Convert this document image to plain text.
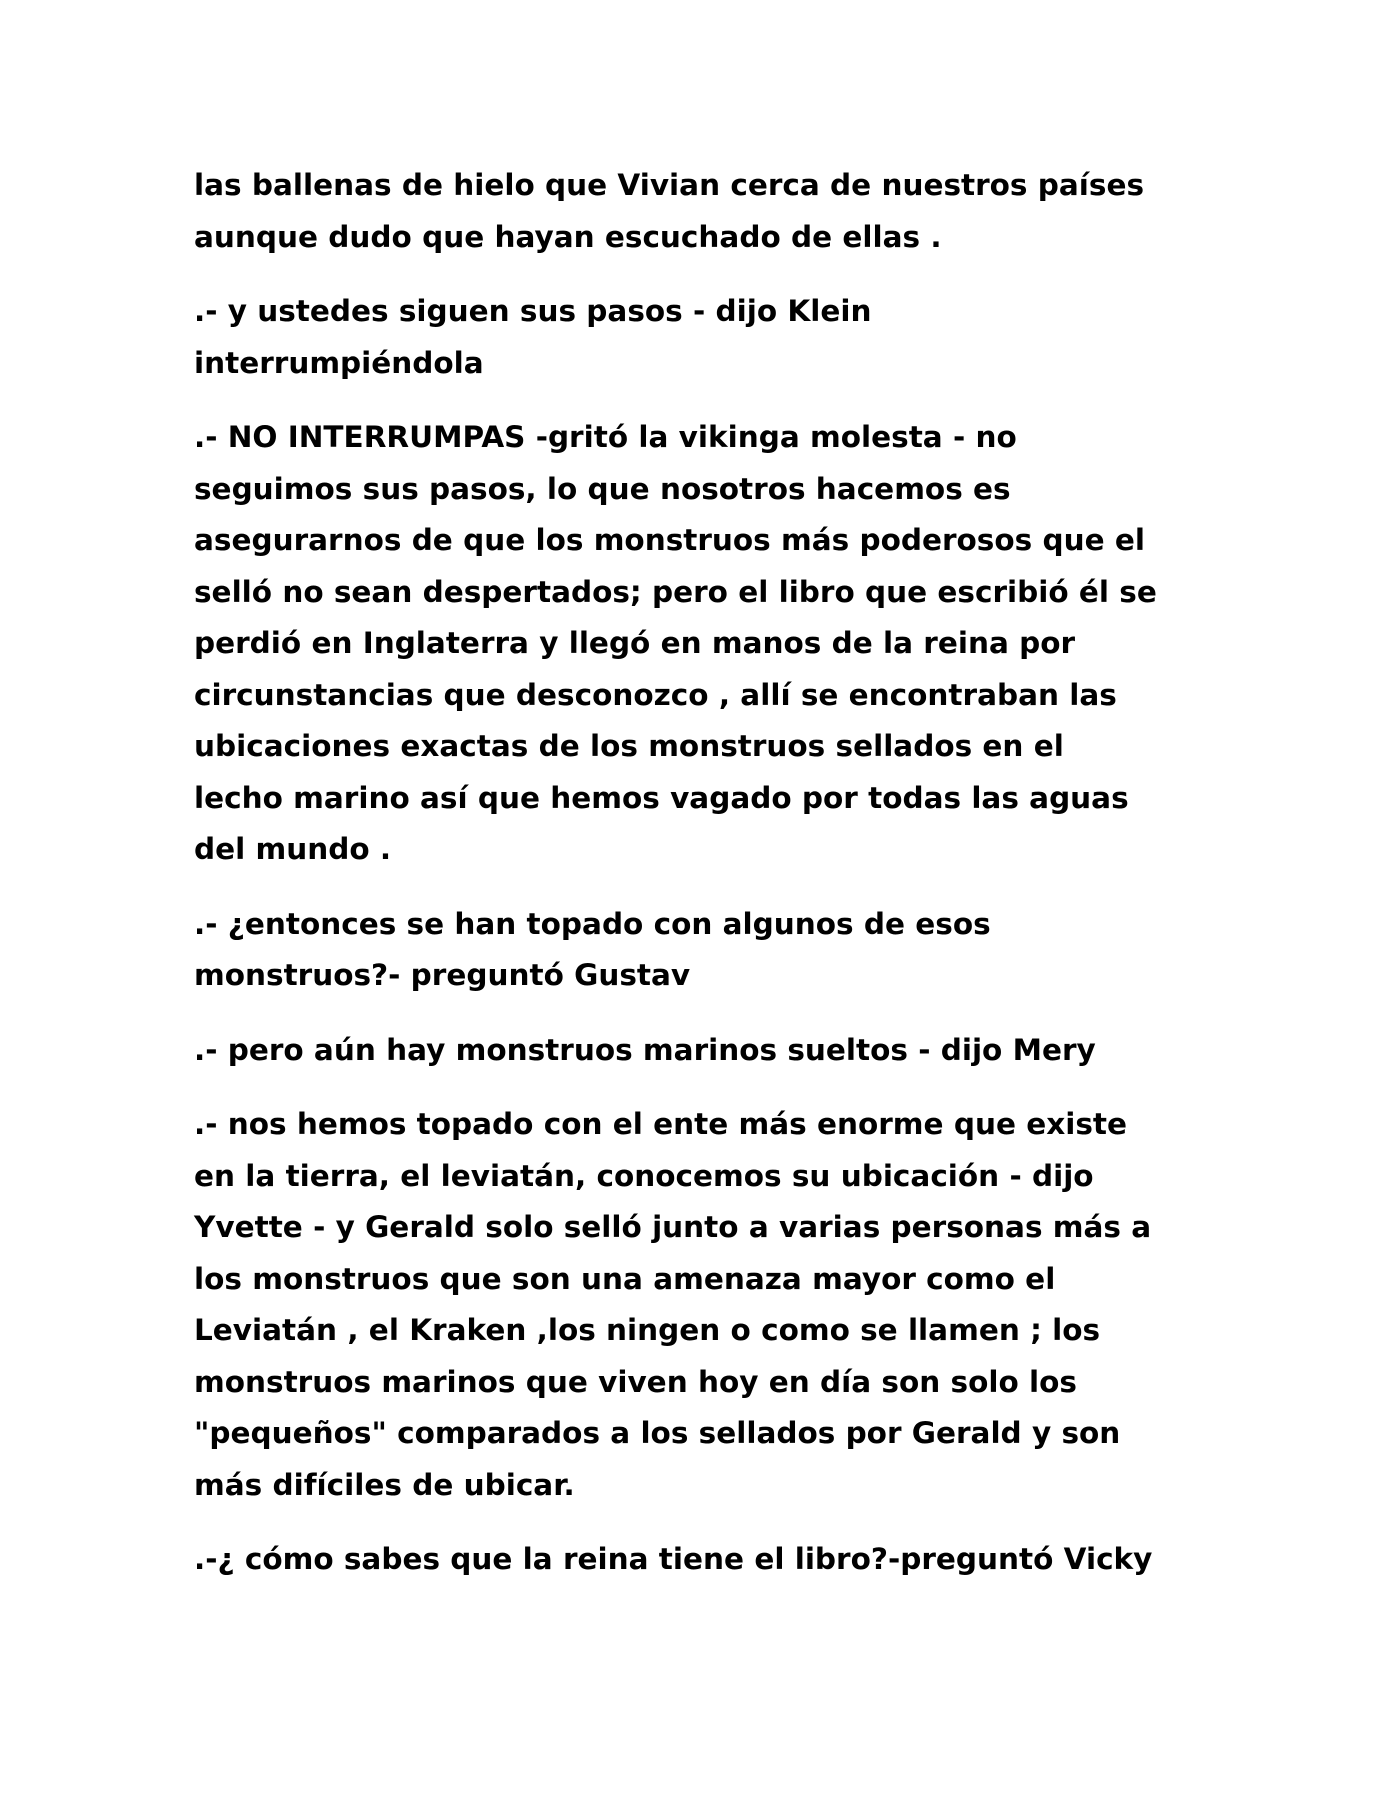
las ballenas de hielo que Vivian cerca de nuestros países
aunque dudo que hayan escuchado de ellas .

.- y ustedes siguen sus pasos - dijo Klein
interrumpiéndola

.- NO INTERRUMPAS -gritó la vikinga molesta - no
seguimos sus pasos, lo que nosotros hacemos es
asegurarnos de que los monstruos más poderosos que el
selló no sean despertados; pero el libro que escribió él se
perdió en Inglaterra y llegó en manos de la reina por
circunstancias que desconozco , allí se encontraban las
ubicaciones exactas de los monstruos sellados en el
lecho marino así que hemos vagado por todas las aguas
del mundo .

.- ¿entonces se han topado con algunos de esos
monstruos?- preguntó Gustav

.- pero aún hay monstruos marinos sueltos - dijo Mery

.- nos hemos topado con el ente más enorme que existe
en la tierra, el leviatán, conocemos su ubicación - dijo
Yvette - y Gerald solo selló junto a varias personas más a
los monstruos que son una amenaza mayor como el
Leviatán , el Kraken ,los ningen o como se llamen ; los
monstruos marinos que viven hoy en día son solo los
"pequeños" comparados a los sellados por Gerald y son
más difíciles de ubicar.

.-¿ cómo sabes que la reina tiene el libro?-preguntó Vicky
